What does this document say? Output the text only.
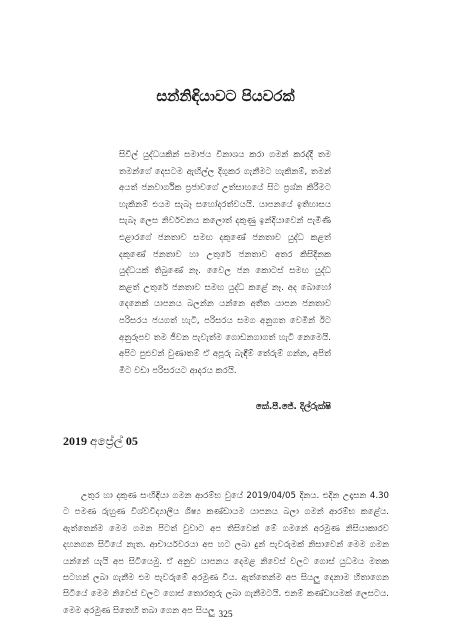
සන්නිඳියාවට පියවරක්

සිවිල් යුද්ධයකින් සමාජය විනාශය කරා ගමන් කරද්දී තම තමන්ගේ දෙසටම ඇඟිල්ල දිගුකර ගැනීමට හැකිනම්, තමන් අයත් ජනවාර්ගික ප්‍රජාවගේ උත්සාහයේ සිට ප්‍රශ්න කිරීමට හැකිනම් එයම සැබෑ සහෝදරත්වයයි. යාපනයේ ඉතිහාසය සැබෑ ලෙස නිර්වචනය කලොත් දකුණු ඉන්දියාවෙන් පැමිණි එළාරගේ ජනතාව සමඟ දකුණේ ජනතාව යුද්ධ කළත් දකුණේ ජනතාව හා උතුරේ ජනතාව අතර කිසිදිනක යුද්ධයක් තිබුණේ නෑ. වෛල ජන කොටස් සමඟ යුද්ධ කළත් උතුරේ ජනතාව සමඟ යුද්ධ කළේ නෑ. අද බොහෝ දෙනෙක් යාපනය බලන්න යන්නෙ අතීත යාපන ජනතාව පරිසරය ජයගත් හැටි, පරිසරය සමග අනුගත වෙමින් ඊට අනුරූපව තම ජීවන පැවැත්ම ගොඩනගාගත් හැටි නෙමෙයි. අපිට පුළුවන් වුණාතම් ඒ අපූරු බැඳීම් තේරුම් ගන්න, අපිත් මීට වඩා පරිසරයට ආදරය කරයි.

කේ.පී.ජේ. දිල්රුක්ෂි
2019 අප්‍රේල් 05

උතුර හා දකුණ සංහිඳියා ගමන ආරම්භ වුයේ 2019/04/05 දිනය. එදින උදෑසන 4.30 ට පමණ රුහුණ විශ්වවිද්‍යාලීය ශිෂ්‍ය කණ්ඩායම යාපනය බලා ගමන් ආරම්භ කළේය. ඇත්තෙන්ම මෙම ගමන පිටත් වුවාට අප තිසිවෙක් මේ ගමනේ අරමුණ නිසියාකාරව දහනගන සිටියේ නැත. ආචාර්යවරයා අප හට ලබා දුන් පැවරුමක් නිසාවෙන් මෙම ගමන යන්නේ යැයි අප සිටියෙමු. ඒ අනුව යාපනය දෙමළ නිවෙස් වලට ගොස් යුධමය මතක සටහන් ලබා ගැනීම එම පැවරුමේ අරමුණ විය. ඇත්තෙන්ම අප සියලු දෙනාම හිතාගෙන සිටියේ මෙම නිවෙස් වලට ගොස් තොරතුරු ලබා ගැනීමටයි. එනම් කණ්ඩායමක් ලෙසටය. මෙම අරමුණ සිතෙහි තබා ගෙන අප සියලු 325
